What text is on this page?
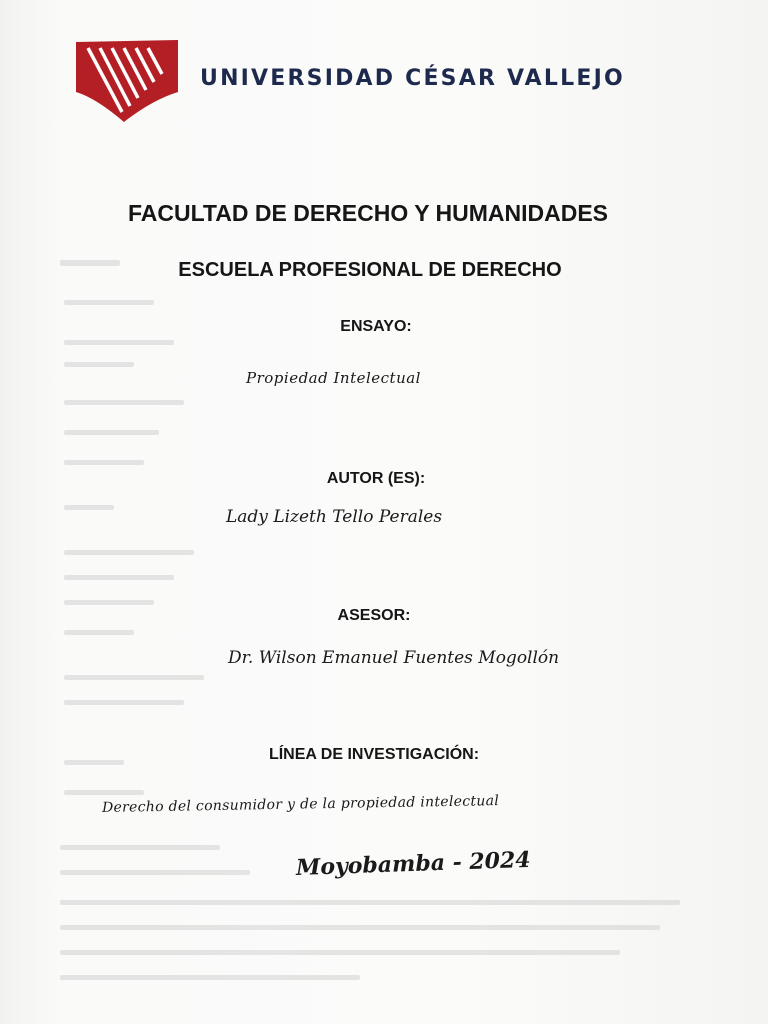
UNIVERSIDAD CÉSAR VALLEJO
FACULTAD DE DERECHO Y HUMANIDADES
ESCUELA PROFESIONAL DE DERECHO
ENSAYO:
Propiedad Intelectual
AUTOR (ES):
Lady Lizeth Tello Perales
ASESOR:
Dr. Wilson Emanuel Fuentes Mogollón
LÍNEA DE INVESTIGACIÓN:
Derecho del consumidor y de la propiedad intelectual
Moyobamba - 2024
